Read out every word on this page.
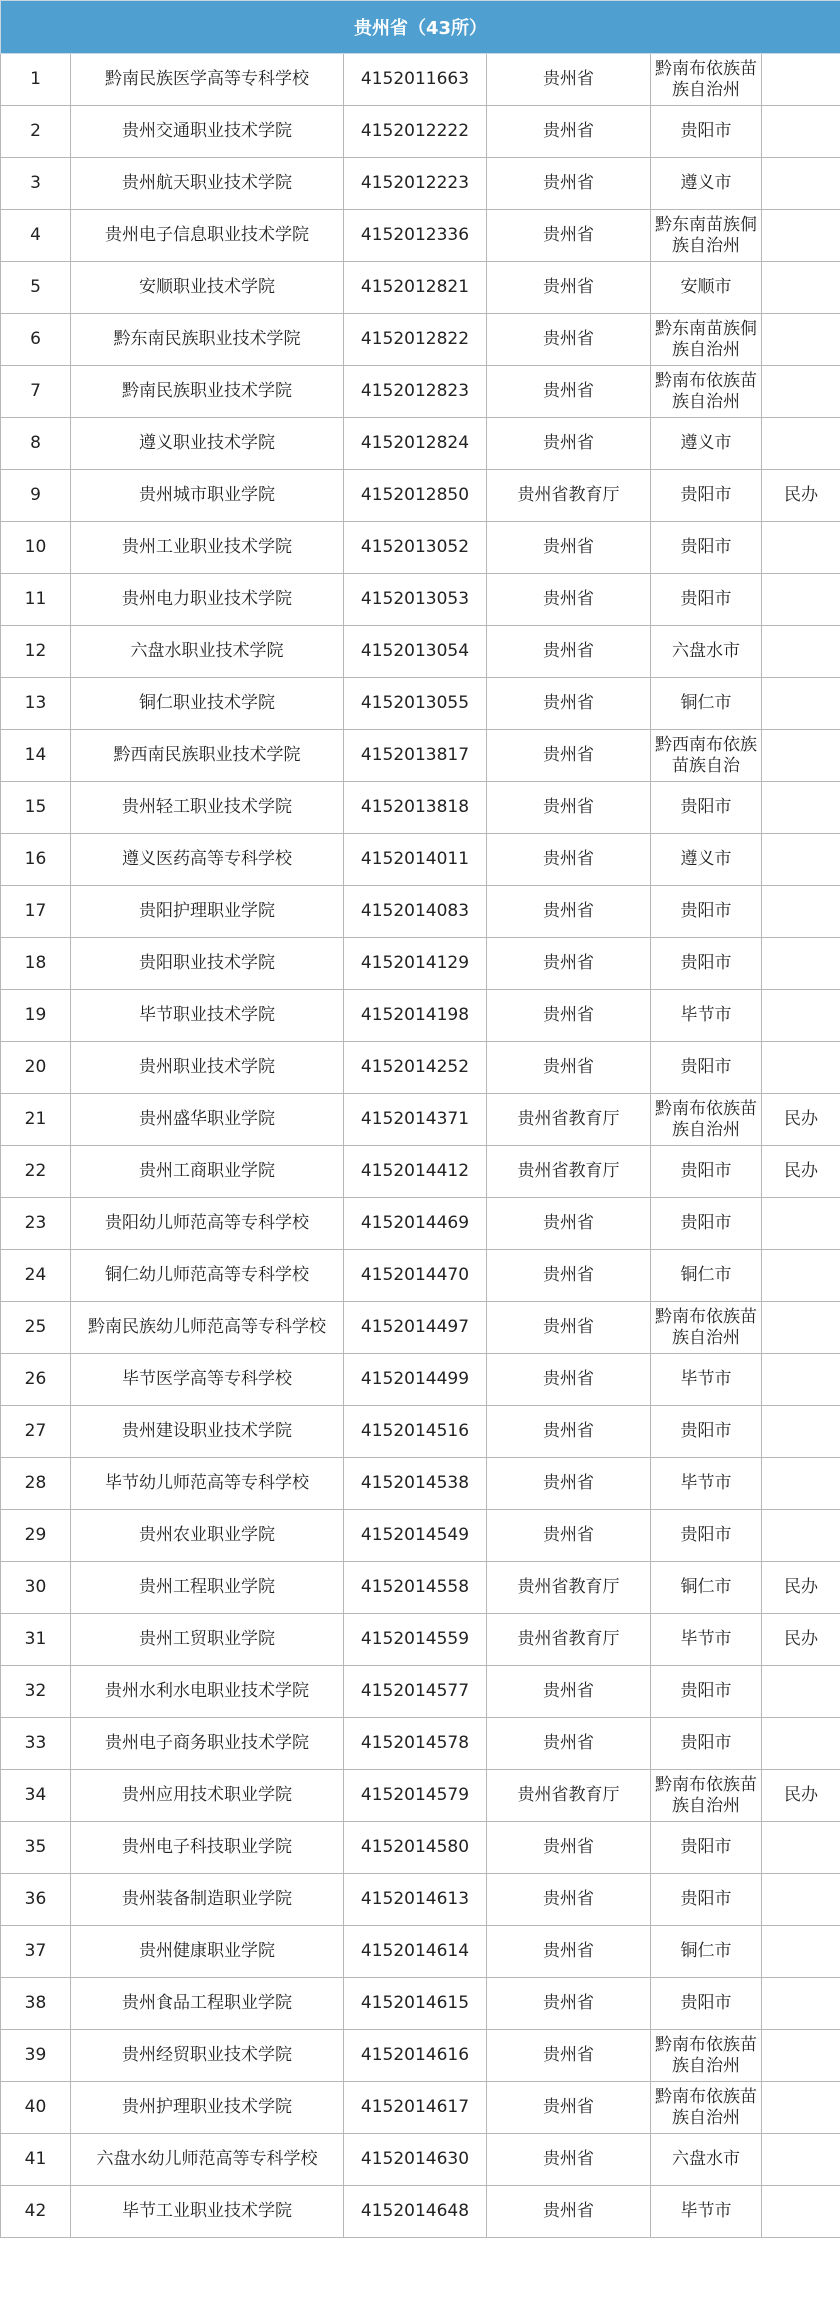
贵州省（43所）					
1	黔南民族医学高等专科学校	4152011663	贵州省	黔南布依族苗族自治州	
2	贵州交通职业技术学院	4152012222	贵州省	贵阳市	
3	贵州航天职业技术学院	4152012223	贵州省	遵义市	
4	贵州电子信息职业技术学院	4152012336	贵州省	黔东南苗族侗族自治州	
5	安顺职业技术学院	4152012821	贵州省	安顺市	
6	黔东南民族职业技术学院	4152012822	贵州省	黔东南苗族侗族自治州	
7	黔南民族职业技术学院	4152012823	贵州省	黔南布依族苗族自治州	
8	遵义职业技术学院	4152012824	贵州省	遵义市	
9	贵州城市职业学院	4152012850	贵州省教育厅	贵阳市	民办
10	贵州工业职业技术学院	4152013052	贵州省	贵阳市	
11	贵州电力职业技术学院	4152013053	贵州省	贵阳市	
12	六盘水职业技术学院	4152013054	贵州省	六盘水市	
13	铜仁职业技术学院	4152013055	贵州省	铜仁市	
14	黔西南民族职业技术学院	4152013817	贵州省	黔西南布依族苗族自治	
15	贵州轻工职业技术学院	4152013818	贵州省	贵阳市	
16	遵义医药高等专科学校	4152014011	贵州省	遵义市	
17	贵阳护理职业学院	4152014083	贵州省	贵阳市	
18	贵阳职业技术学院	4152014129	贵州省	贵阳市	
19	毕节职业技术学院	4152014198	贵州省	毕节市	
20	贵州职业技术学院	4152014252	贵州省	贵阳市	
21	贵州盛华职业学院	4152014371	贵州省教育厅	黔南布依族苗族自治州	民办
22	贵州工商职业学院	4152014412	贵州省教育厅	贵阳市	民办
23	贵阳幼儿师范高等专科学校	4152014469	贵州省	贵阳市	
24	铜仁幼儿师范高等专科学校	4152014470	贵州省	铜仁市	
25	黔南民族幼儿师范高等专科学校	4152014497	贵州省	黔南布依族苗族自治州	
26	毕节医学高等专科学校	4152014499	贵州省	毕节市	
27	贵州建设职业技术学院	4152014516	贵州省	贵阳市	
28	毕节幼儿师范高等专科学校	4152014538	贵州省	毕节市	
29	贵州农业职业学院	4152014549	贵州省	贵阳市	
30	贵州工程职业学院	4152014558	贵州省教育厅	铜仁市	民办
31	贵州工贸职业学院	4152014559	贵州省教育厅	毕节市	民办
32	贵州水利水电职业技术学院	4152014577	贵州省	贵阳市	
33	贵州电子商务职业技术学院	4152014578	贵州省	贵阳市	
34	贵州应用技术职业学院	4152014579	贵州省教育厅	黔南布依族苗族自治州	民办
35	贵州电子科技职业学院	4152014580	贵州省	贵阳市	
36	贵州装备制造职业学院	4152014613	贵州省	贵阳市	
37	贵州健康职业学院	4152014614	贵州省	铜仁市	
38	贵州食品工程职业学院	4152014615	贵州省	贵阳市	
39	贵州经贸职业技术学院	4152014616	贵州省	黔南布依族苗族自治州	
40	贵州护理职业技术学院	4152014617	贵州省	黔南布依族苗族自治州	
41	六盘水幼儿师范高等专科学校	4152014630	贵州省	六盘水市	
42	毕节工业职业技术学院	4152014648	贵州省	毕节市	
